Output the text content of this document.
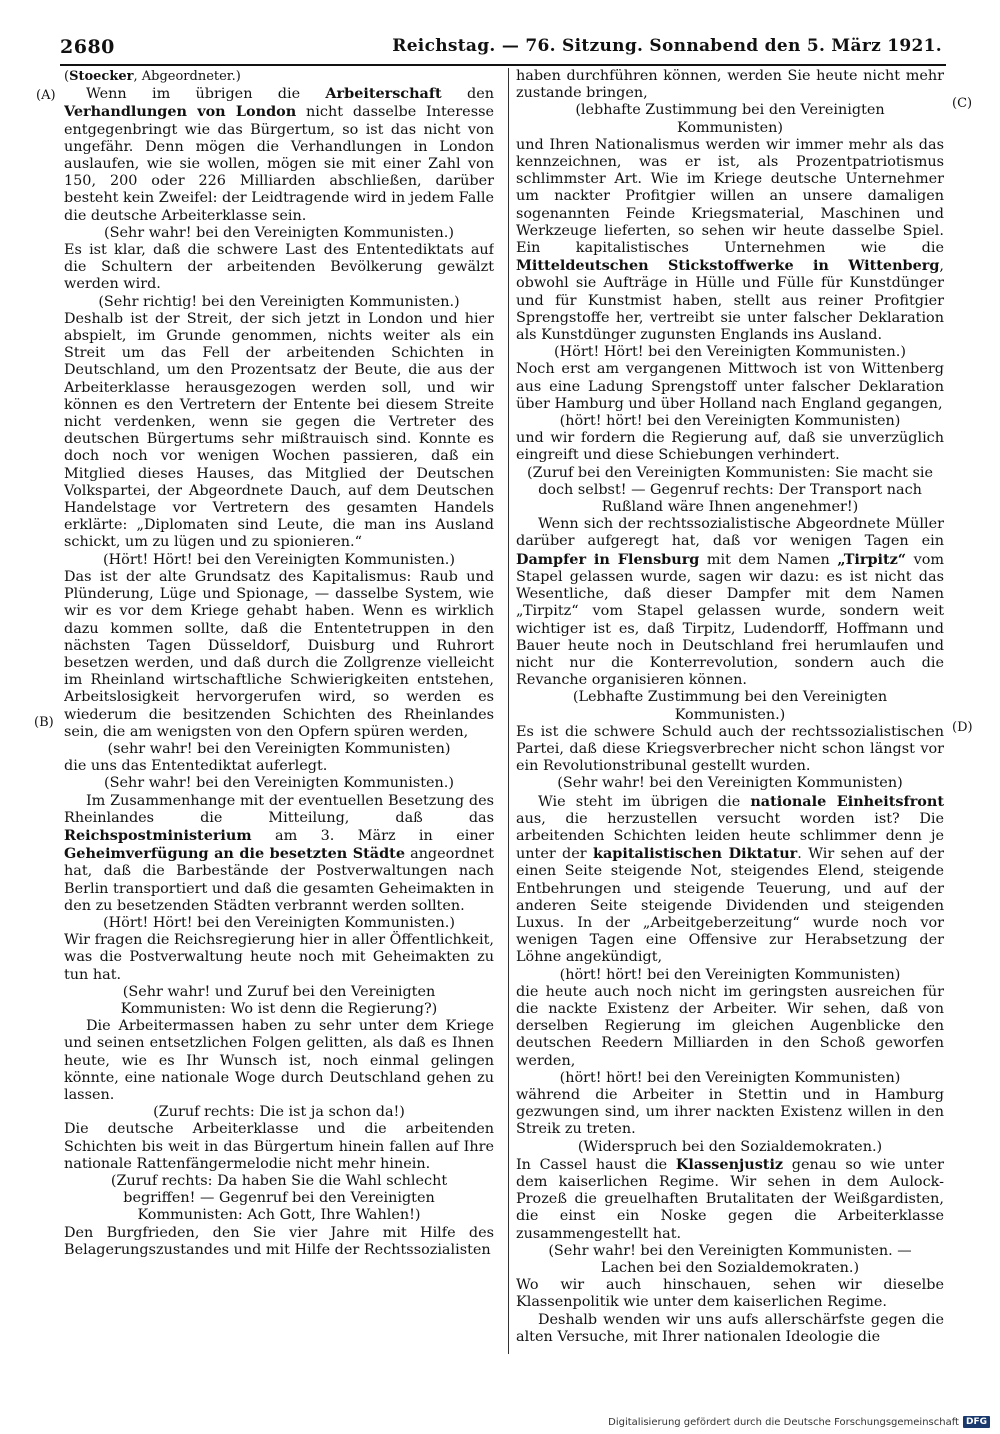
2680	Reichstag. — 76. Sitzung. Sonnabend den 5. März 1921.
(A)
(B)
(C)
(D)

(Stoecker, Abgeordneter.)

Wenn im übrigen die Arbeiterschaft den Verhandlungen von London nicht dasselbe Interesse entgegenbringt wie das Bürgertum, so ist das nicht von ungefähr. Denn mögen die Verhandlungen in London auslaufen, wie sie wollen, mögen sie mit einer Zahl von 150, 200 oder 226 Milliarden abschließen, darüber besteht kein Zweifel: der Leidtragende wird in jedem Falle die deutsche Arbeiterklasse sein.

(Sehr wahr! bei den Vereinigten Kommunisten.)

Es ist klar, daß die schwere Last des Ententediktats auf die Schultern der arbeitenden Bevölkerung gewälzt werden wird.

(Sehr richtig! bei den Vereinigten Kommunisten.)

Deshalb ist der Streit, der sich jetzt in London und hier abspielt, im Grunde genommen, nichts weiter als ein Streit um das Fell der arbeitenden Schichten in Deutschland, um den Prozentsatz der Beute, die aus der Arbeiterklasse herausgezogen werden soll, und wir können es den Vertretern der Entente bei diesem Streite nicht verdenken, wenn sie gegen die Vertreter des deutschen Bürgertums sehr mißtrauisch sind. Konnte es doch noch vor wenigen Wochen passieren, daß ein Mitglied dieses Hauses, das Mitglied der Deutschen Volkspartei, der Abgeordnete Dauch, auf dem Deutschen Handelstage vor Vertretern des gesamten Handels erklärte: „Diplomaten sind Leute, die man ins Ausland schickt, um zu lügen und zu spionieren.“

(Hört! Hört! bei den Vereinigten Kommunisten.)

Das ist der alte Grundsatz des Kapitalismus: Raub und Plünderung, Lüge und Spionage, — dasselbe System, wie wir es vor dem Kriege gehabt haben. Wenn es wirklich dazu kommen sollte, daß die Ententetruppen in den nächsten Tagen Düsseldorf, Duisburg und Ruhrort besetzen werden, und daß durch die Zollgrenze vielleicht im Rheinland wirtschaftliche Schwierigkeiten entstehen, Arbeitslosigkeit hervorgerufen wird, so werden es wiederum die besitzenden Schichten des Rheinlandes sein, die am wenigsten von den Opfern spüren werden,

(sehr wahr! bei den Vereinigten Kommunisten)

die uns das Ententediktat auferlegt.

(Sehr wahr! bei den Vereinigten Kommunisten.)

Im Zusammenhange mit der eventuellen Besetzung des Rheinlandes die Mitteilung, daß das Reichspostministerium am 3. März in einer Geheimverfügung an die besetzten Städte angeordnet hat, daß die Barbestände der Postverwaltungen nach Berlin transportiert und daß die gesamten Geheimakten in den zu besetzenden Städten verbrannt werden sollten.

(Hört! Hört! bei den Vereinigten Kommunisten.)

Wir fragen die Reichsregierung hier in aller Öffentlichkeit, was die Postverwaltung heute noch mit Geheimakten zu tun hat.

(Sehr wahr! und Zuruf bei den Vereinigten Kommunisten: Wo ist denn die Regierung?)

Die Arbeitermassen haben zu sehr unter dem Kriege und seinen entsetzlichen Folgen gelitten, als daß es Ihnen heute, wie es Ihr Wunsch ist, noch einmal gelingen könnte, eine nationale Woge durch Deutschland gehen zu lassen.

(Zuruf rechts: Die ist ja schon da!)

Die deutsche Arbeiterklasse und die arbeitenden Schichten bis weit in das Bürgertum hinein fallen auf Ihre nationale Rattenfängermelodie nicht mehr hinein.

(Zuruf rechts: Da haben Sie die Wahl schlecht begriffen! — Gegenruf bei den Vereinigten Kommunisten: Ach Gott, Ihre Wahlen!)

Den Burgfrieden, den Sie vier Jahre mit Hilfe des Belagerungszustandes und mit Hilfe der Rechtssozialisten

haben durchführen können, werden Sie heute nicht mehr zustande bringen,

(lebhafte Zustimmung bei den Vereinigten Kommunisten)

und Ihren Nationalismus werden wir immer mehr als das kennzeichnen, was er ist, als Prozentpatriotismus schlimmster Art. Wie im Kriege deutsche Unternehmer um nackter Profitgier willen an unsere damaligen sogenannten Feinde Kriegsmaterial, Maschinen und Werkzeuge lieferten, so sehen wir heute dasselbe Spiel. Ein kapitalistisches Unternehmen wie die Mitteldeutschen Stickstoffwerke in Wittenberg, obwohl sie Aufträge in Hülle und Fülle für Kunstdünger und für Kunstmist haben, stellt aus reiner Profitgier Sprengstoffe her, vertreibt sie unter falscher Deklaration als Kunstdünger zugunsten Englands ins Ausland.

(Hört! Hört! bei den Vereinigten Kommunisten.)

Noch erst am vergangenen Mittwoch ist von Wittenberg aus eine Ladung Sprengstoff unter falscher Deklaration über Hamburg und über Holland nach England gegangen,

(hört! hört! bei den Vereinigten Kommunisten)

und wir fordern die Regierung auf, daß sie unverzüglich eingreift und diese Schiebungen verhindert.

(Zuruf bei den Vereinigten Kommunisten: Sie macht sie doch selbst! — Gegenruf rechts: Der Transport nach Rußland wäre Ihnen angenehmer!)

Wenn sich der rechtssozialistische Abgeordnete Müller darüber aufgeregt hat, daß vor wenigen Tagen ein Dampfer in Flensburg mit dem Namen „Tirpitz“ vom Stapel gelassen wurde, sagen wir dazu: es ist nicht das Wesentliche, daß dieser Dampfer mit dem Namen „Tirpitz“ vom Stapel gelassen wurde, sondern weit wichtiger ist es, daß Tirpitz, Ludendorff, Hoffmann und Bauer heute noch in Deutschland frei herumlaufen und nicht nur die Konterrevolution, sondern auch die Revanche organisieren können.

(Lebhafte Zustimmung bei den Vereinigten Kommunisten.)

Es ist die schwere Schuld auch der rechtssozialistischen Partei, daß diese Kriegsverbrecher nicht schon längst vor ein Revolutionstribunal gestellt wurden.

(Sehr wahr! bei den Vereinigten Kommunisten)

Wie steht im übrigen die nationale Einheitsfront aus, die herzustellen versucht worden ist? Die arbeitenden Schichten leiden heute schlimmer denn je unter der kapitalistischen Diktatur. Wir sehen auf der einen Seite steigende Not, steigendes Elend, steigende Entbehrungen und steigende Teuerung, und auf der anderen Seite steigende Dividenden und steigenden Luxus. In der „Arbeitgeberzeitung“ wurde noch vor wenigen Tagen eine Offensive zur Herabsetzung der Löhne angekündigt,

(hört! hört! bei den Vereinigten Kommunisten)

die heute auch noch nicht im geringsten ausreichen für die nackte Existenz der Arbeiter. Wir sehen, daß von derselben Regierung im gleichen Augenblicke den deutschen Reedern Milliarden in den Schoß geworfen werden,

(hört! hört! bei den Vereinigten Kommunisten)

während die Arbeiter in Stettin und in Hamburg gezwungen sind, um ihrer nackten Existenz willen in den Streik zu treten.

(Widerspruch bei den Sozialdemokraten.)

In Cassel haust die Klassenjustiz genau so wie unter dem kaiserlichen Regime. Wir sehen in dem Aulock-Prozeß die greuelhaften Brutalitaten der Weißgardisten, die einst ein Noske gegen die Arbeiterklasse zusammengestellt hat.

(Sehr wahr! bei den Vereinigten Kommunisten. — Lachen bei den Sozialdemokraten.)

Wo wir auch hinschauen, sehen wir dieselbe Klassenpolitik wie unter dem kaiserlichen Regime.

Deshalb wenden wir uns aufs allerschärfste gegen die alten Versuche, mit Ihrer nationalen Ideologie die

Digitalisierung gefördert durch die Deutsche Forschungsgemeinschaft DFG
